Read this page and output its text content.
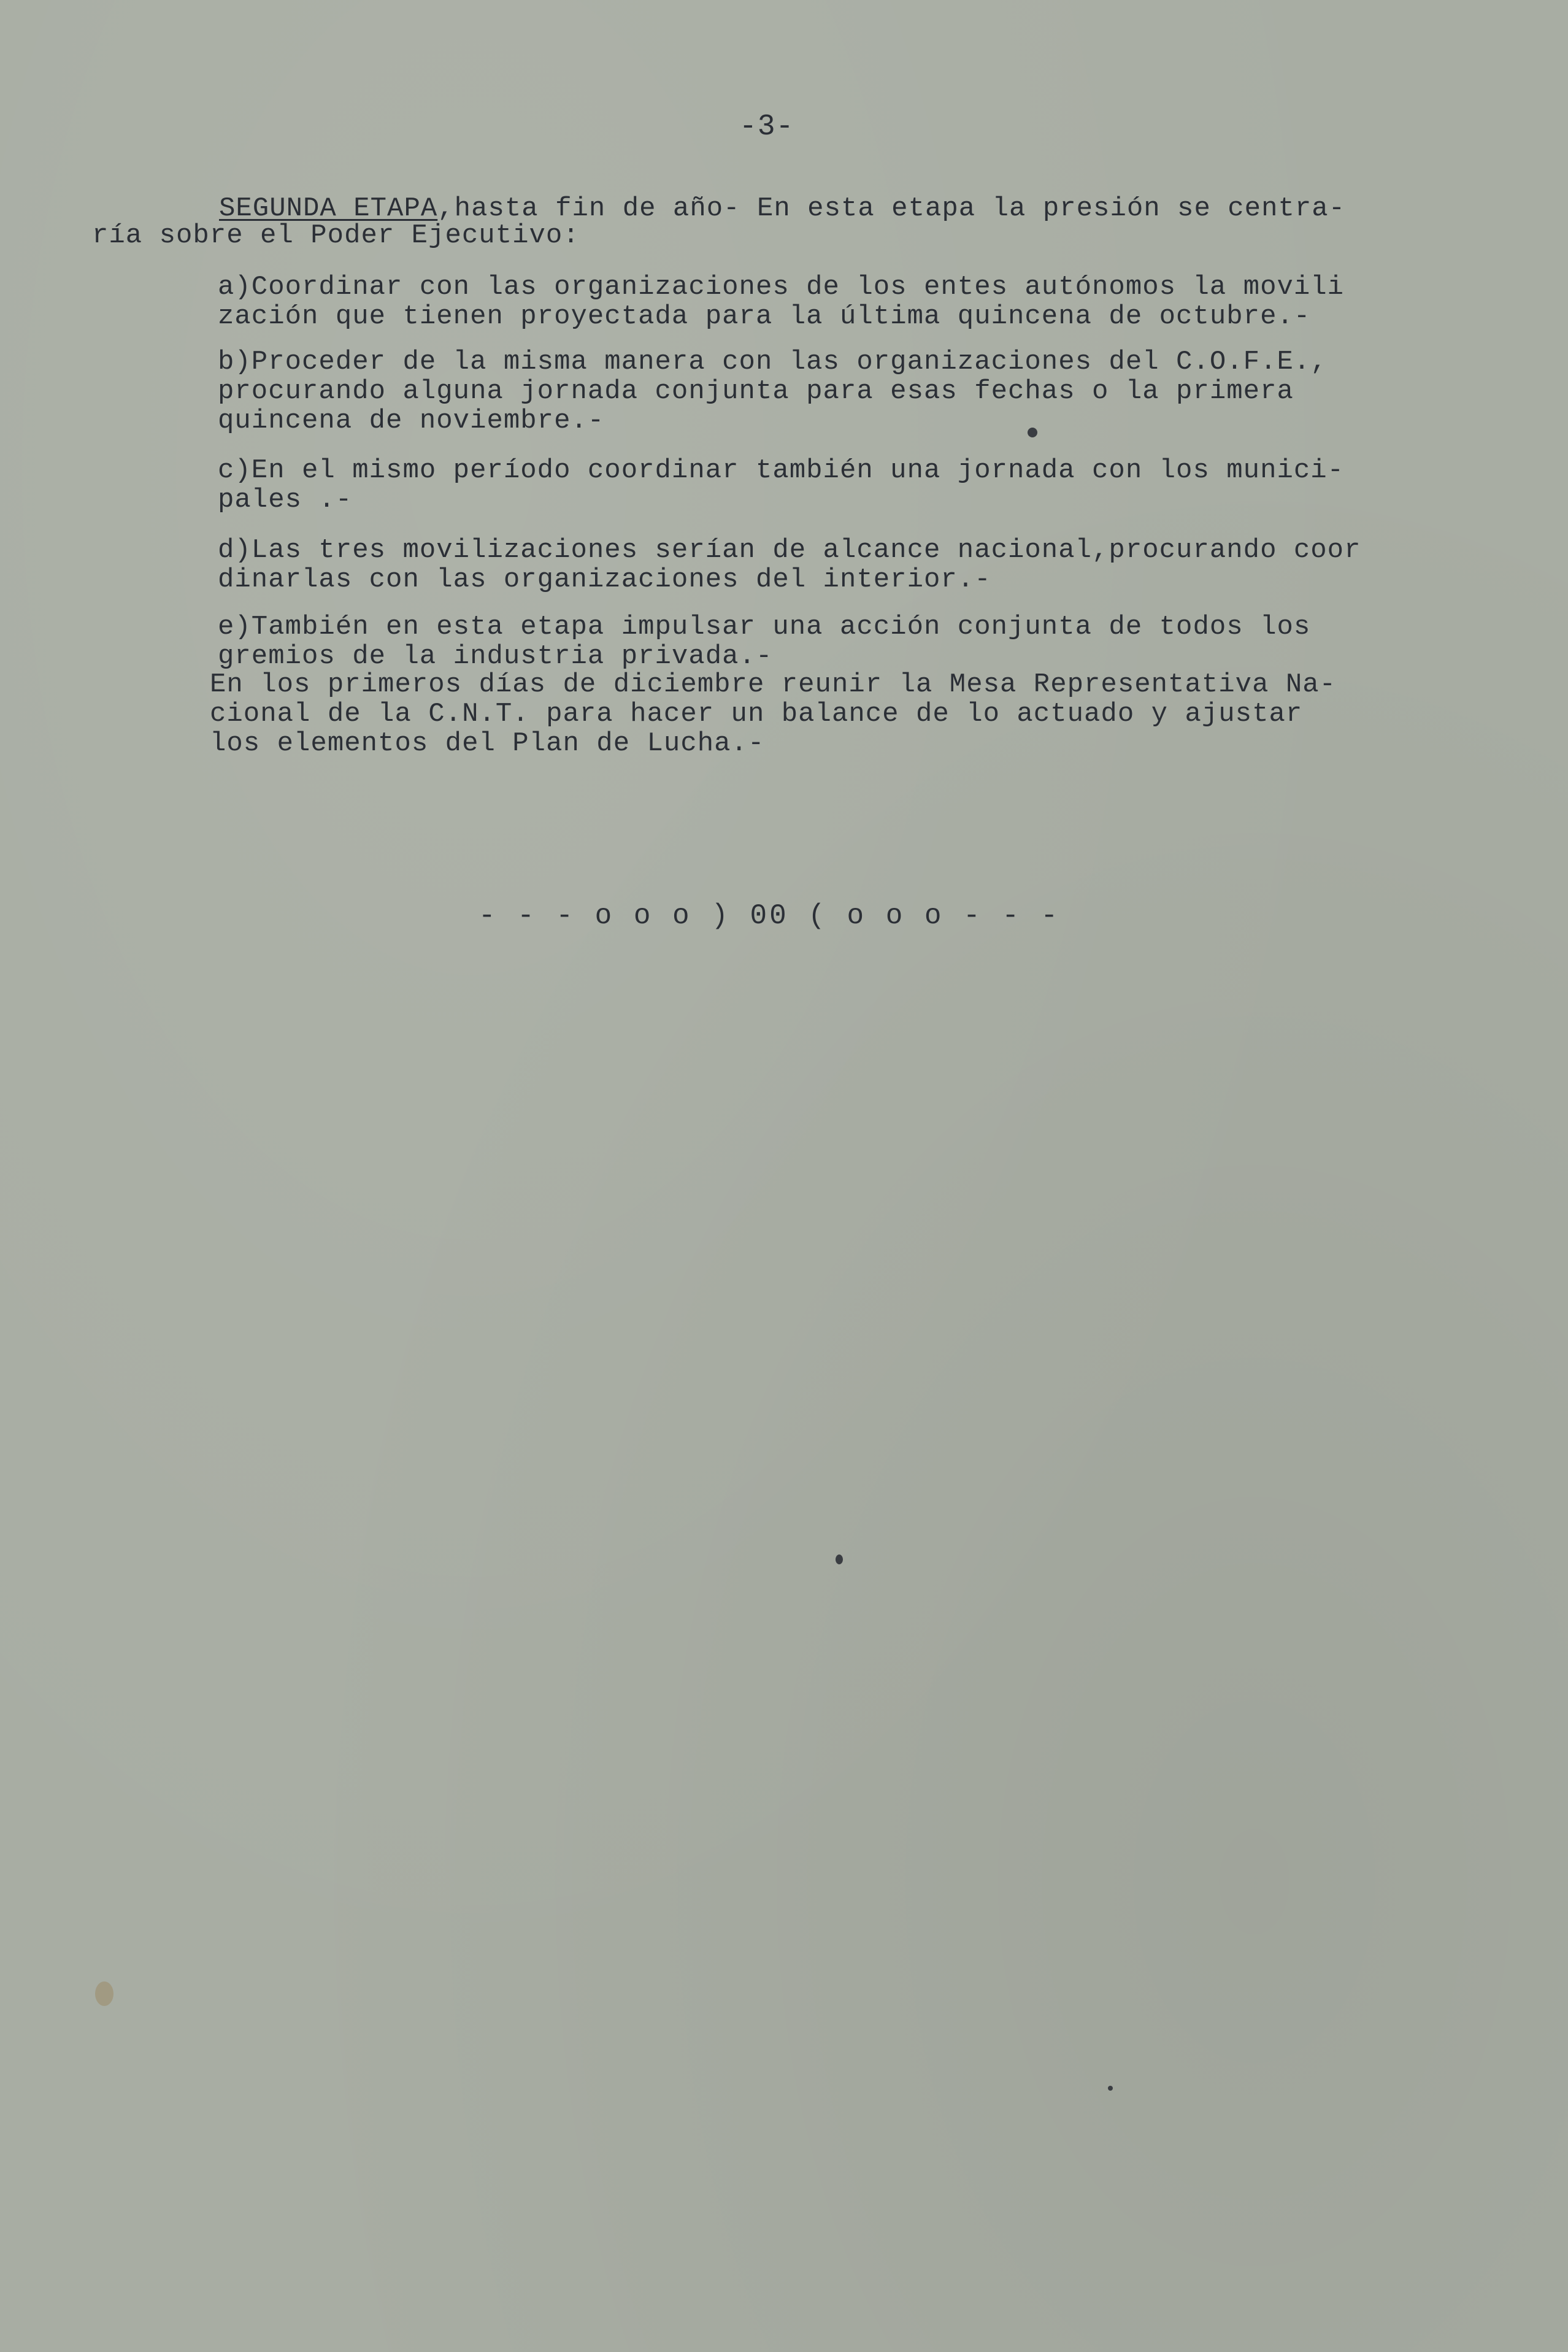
-3-
SEGUNDA ETAPA,hasta fin de año- En esta etapa la presión se centra-
ría sobre el Poder Ejecutivo:
a)Coordinar con las organizaciones de los entes autónomos la movili
zación que tienen proyectada para la última quincena de octubre.-
b)Proceder de la misma manera con las organizaciones del C.O.F.E.,
procurando alguna jornada conjunta para esas fechas o la primera
quincena de noviembre.-
c)En el mismo período coordinar también una jornada con los munici-
pales .-
d)Las tres movilizaciones serían de alcance nacional,procurando coor
dinarlas con las organizaciones del interior.-
e)También en esta etapa impulsar una acción conjunta de todos los
gremios de la industria privada.-
En los primeros días de diciembre reunir la Mesa Representativa Na-
cional de la C.N.T. para hacer un balance de lo actuado y ajustar
los elementos del Plan de Lucha.-
- - - o o o ) 00 ( o o o - - -
